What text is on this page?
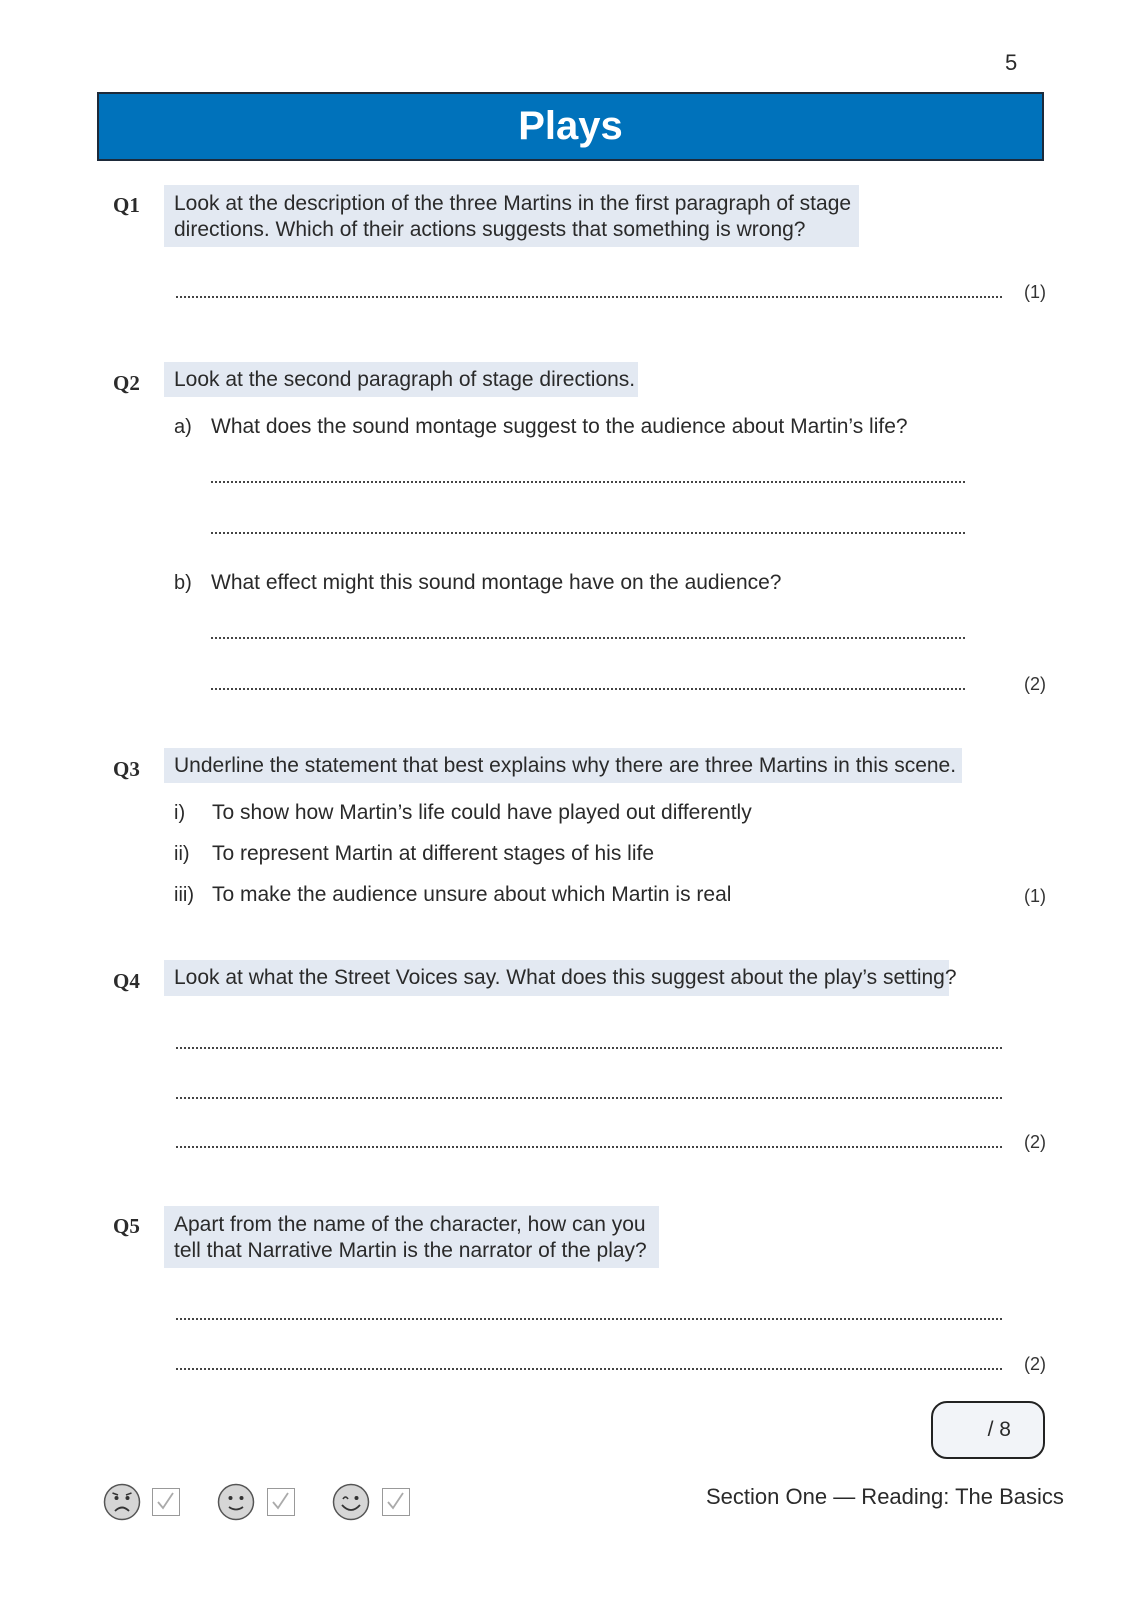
5
Plays
Q1 Look at the description of the three Martins in the first paragraph of stage
directions. Which of their actions suggests that something is wrong?
(1)
Q2	Look at the second paragraph of stage directions.
a) What does the sound montage suggest to the audience about Martin’s life?
b) What effect might this sound montage have on the audience?
(2)
Q3	Underline the statement that best explains why there are three Martins in this scene.
i) To show how Martin’s life could have played out differently
ii) To represent Martin at different stages of his life
iii) To make the audience unsure about which Martin is real	(1)
Q4	Look at what the Street Voices say. What does this suggest about the play’s setting?
(2)
Q5 Apart from the name of the character, how can you
tell that Narrative Martin is the narrator of the play?
(2)
/ 8
Section One — Reading: The Basics
